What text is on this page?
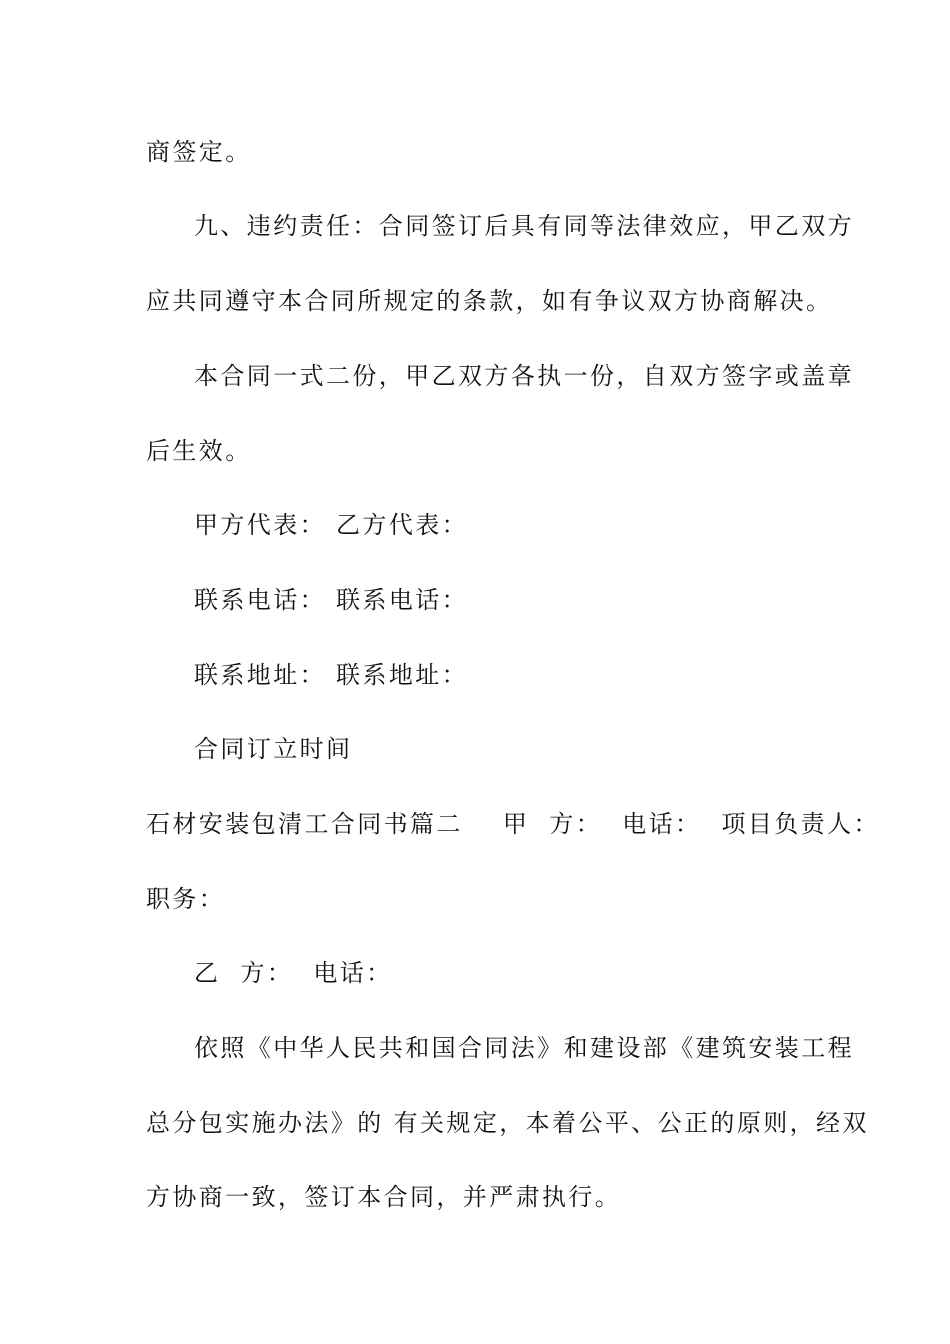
商签定。
九、违约责任：合同签订后具有同等法律效应，甲乙双方
应共同遵守本合同所规定的条款，如有争议双方协商解决。
本合同一式二份，甲乙双方各执一份，自双方签字或盖章
后生效。
甲方代表： 乙方代表：
联系电话： 联系电话：
联系地址： 联系地址：
合同订立时间
石材安装包清工合同书篇二    甲  方：  电话：  项目负责人：
职务：
乙  方：  电话：
依照《中华人民共和国合同法》和建设部《建筑安装工程
总分包实施办法》的 有关规定，本着公平、公正的原则，经双
方协商一致，签订本合同，并严肃执行。
